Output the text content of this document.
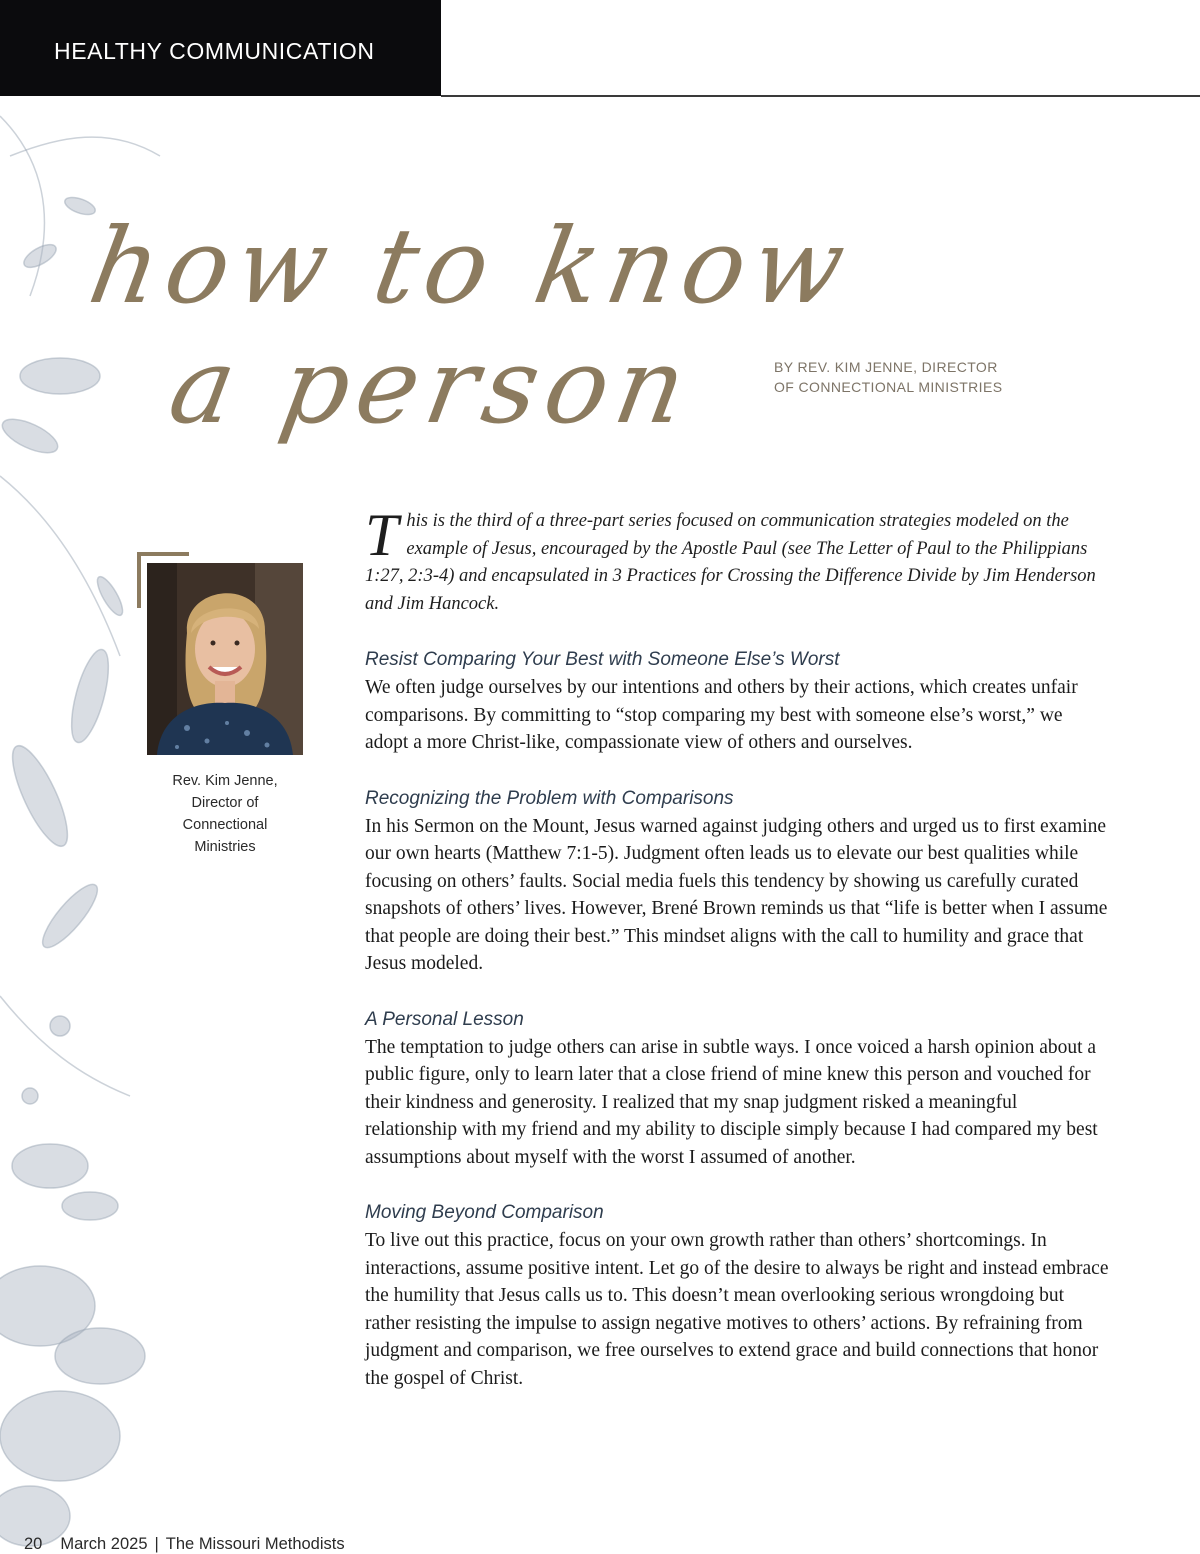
HEALTHY COMMUNICATION
how to know
a person	BY REV. KIM JENNE, DIRECTOR
OF CONNECTIONAL MINISTRIES
Rev. Kim Jenne,
Director of
Connectional
Ministries

This is the third of a three-part series focused on communication strategies modeled on the example of Jesus, encouraged by the Apostle Paul (see The Letter of Paul to the Philippians 1:27, 2:3-4) and encapsulated in 3 Practices for Crossing the Difference Divide by Jim Henderson and Jim Hancock.

Resist Comparing Your Best with Someone Else’s Worst

We often judge ourselves by our intentions and others by their actions, which creates unfair comparisons. By committing to “stop comparing my best with someone else’s worst,” we adopt a more Christ-like, compassionate view of others and ourselves.

Recognizing the Problem with Comparisons

In his Sermon on the Mount, Jesus warned against judging others and urged us to first examine our own hearts (Matthew 7:1-5). Judgment often leads us to elevate our best qualities while focusing on others’ faults. Social media fuels this tendency by showing us carefully curated snapshots of others’ lives. However, Brené Brown reminds us that “life is better when I assume that people are doing their best.” This mindset aligns with the call to humility and grace that Jesus modeled.

A Personal Lesson

The temptation to judge others can arise in subtle ways. I once voiced a harsh opinion about a public figure, only to learn later that a close friend of mine knew this person and vouched for their kindness and generosity. I realized that my snap judgment risked a meaningful relationship with my friend and my ability to disciple simply because I had compared my best assumptions about myself with the worst I assumed of another.

Moving Beyond Comparison

To live out this practice, focus on your own growth rather than others’ shortcomings. In interactions, assume positive intent. Let go of the desire to always be right and instead embrace the humility that Jesus calls us to. This doesn’t mean overlooking serious wrongdoing but rather resisting the impulse to assign negative motives to others’ actions. By refraining from judgment and comparison, we free ourselves to extend grace and build connections that honor the gospel of Christ.

20 March 2025 | The Missouri Methodists
